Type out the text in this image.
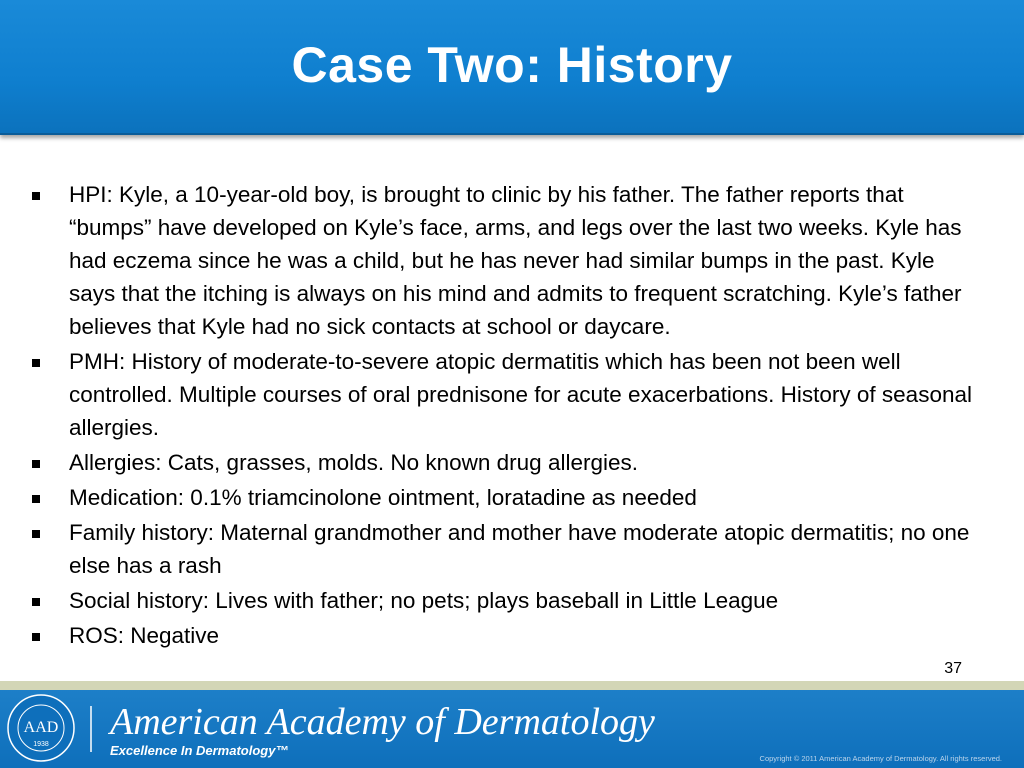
Case Two: History
HPI: Kyle, a 10-year-old boy, is brought to clinic by his father. The father reports that “bumps” have developed on Kyle’s face, arms, and legs over the last two weeks. Kyle has had eczema since he was a child, but he has never had similar bumps in the past. Kyle says that the itching is always on his mind and admits to frequent scratching. Kyle’s father believes that Kyle had no sick contacts at school or daycare.
PMH: History of moderate-to-severe atopic dermatitis which has been not been well controlled. Multiple courses of oral prednisone for acute exacerbations. History of seasonal allergies.
Allergies: Cats, grasses, molds. No known drug allergies.
Medication: 0.1% triamcinolone ointment, loratadine as needed
Family history: Maternal grandmother and mother have moderate atopic dermatitis; no one else has a rash
Social history: Lives with father; no pets; plays baseball in Little League
ROS: Negative
37
AAD
1938
American Academy of Dermatology
Excellence In Dermatology™
Copyright © 2011 American Academy of Dermatology. All rights reserved.
